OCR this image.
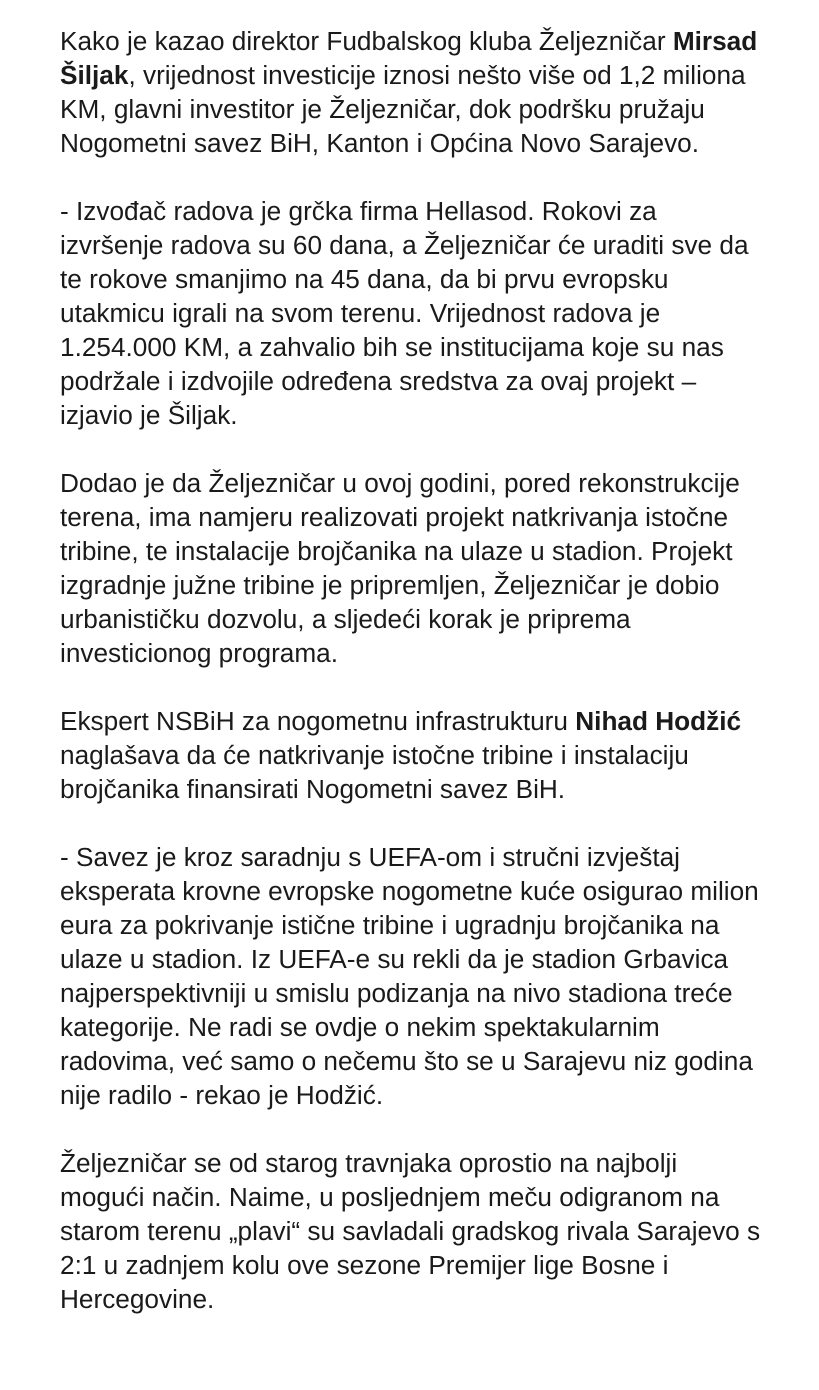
Kako je kazao direktor Fudbalskog kluba Željezničar Mirsad Šiljak, vrijednost investicije iznosi nešto više od 1,2 miliona KM, glavni investitor je Željezničar, dok podršku pružaju Nogometni savez BiH, Kanton i Općina Novo Sarajevo.

- Izvođač radova je grčka firma Hellasod. Rokovi za izvršenje radova su 60 dana, a Željezničar će uraditi sve da te rokove smanjimo na 45 dana, da bi prvu evropsku utakmicu igrali na svom terenu. Vrijednost radova je 1.254.000 KM, a zahvalio bih se institucijama koje su nas podržale i izdvojile određena sredstva za ovaj projekt – izjavio je Šiljak.

Dodao je da Željezničar u ovoj godini, pored rekonstrukcije terena, ima namjeru realizovati projekt natkrivanja istočne tribine, te instalacije brojčanika na ulaze u stadion. Projekt izgradnje južne tribine je pripremljen, Željezničar je dobio urbanističku dozvolu, a sljedeći korak je priprema investicionog programa.

Ekspert NSBiH za nogometnu infrastrukturu Nihad Hodžić naglašava da će natkrivanje istočne tribine i instalaciju brojčanika finansirati Nogometni savez BiH.

- Savez je kroz saradnju s UEFA-om i stručni izvještaj eksperata krovne evropske nogometne kuće osigurao milion eura za pokrivanje istične tribine i ugradnju brojčanika na ulaze u stadion. Iz UEFA-e su rekli da je stadion Grbavica najperspektivniji u smislu podizanja na nivo stadiona treće kategorije. Ne radi se ovdje o nekim spektakularnim radovima, već samo o nečemu što se u Sarajevu niz godina nije radilo - rekao je Hodžić.

Željezničar se od starog travnjaka oprostio na najbolji mogući način. Naime, u posljednjem meču odigranom na starom terenu „plavi“ su savladali gradskog rivala Sarajevo s 2:1 u zadnjem kolu ove sezone Premijer lige Bosne i Hercegovine.
